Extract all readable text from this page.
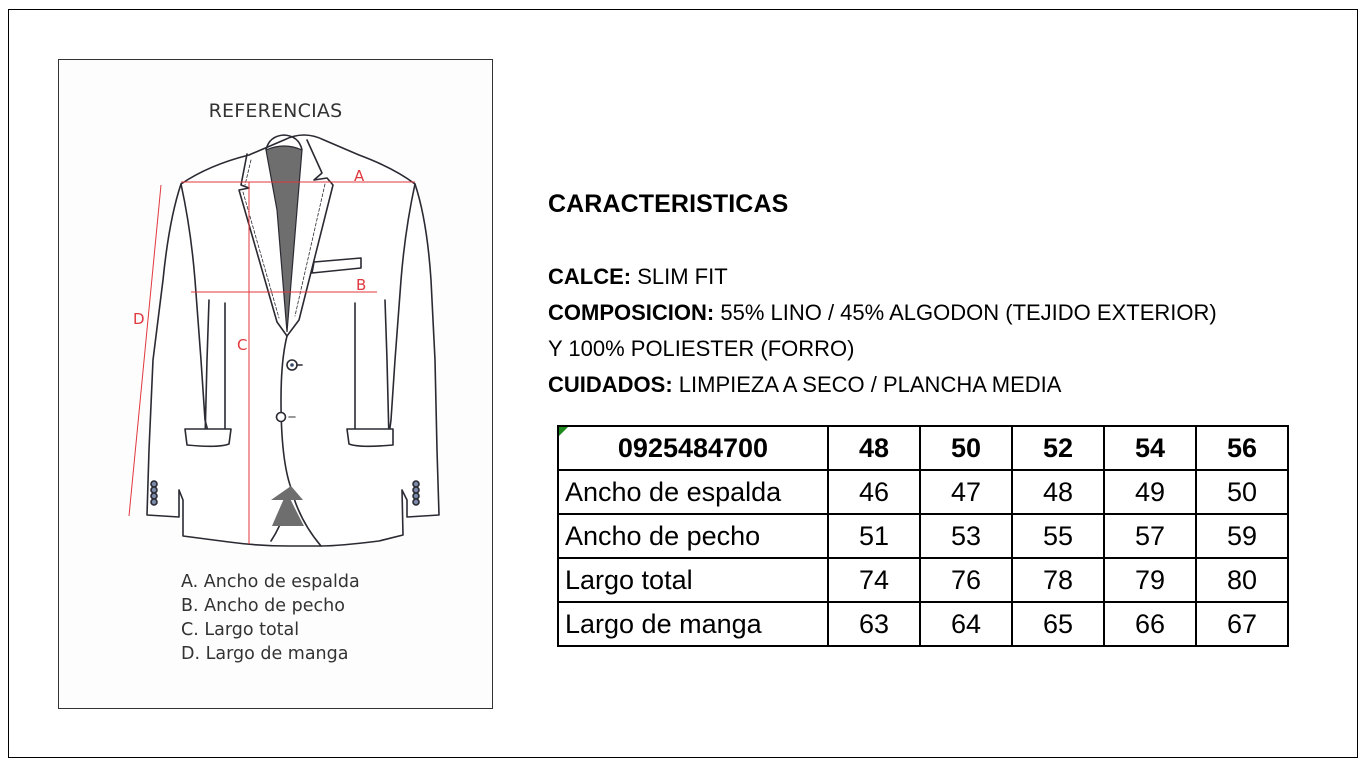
REFERENCIAS
A
B
C
D
A. Ancho de espalda
B. Ancho de pecho
C. Largo total
D. Largo de manga
CARACTERISTICAS
CALCE: SLIM FIT
COMPOSICION: 55% LINO / 45% ALGODON (TEJIDO EXTERIOR)
Y 100% POLIESTER (FORRO)
CUIDADOS: LIMPIEZA A SECO / PLANCHA MEDIA
0925484700	48	50	52	54	56
Ancho de espalda	46	47	48	49	50
Ancho de pecho	51	53	55	57	59
Largo total	74	76	78	79	80
Largo de manga	63	64	65	66	67
